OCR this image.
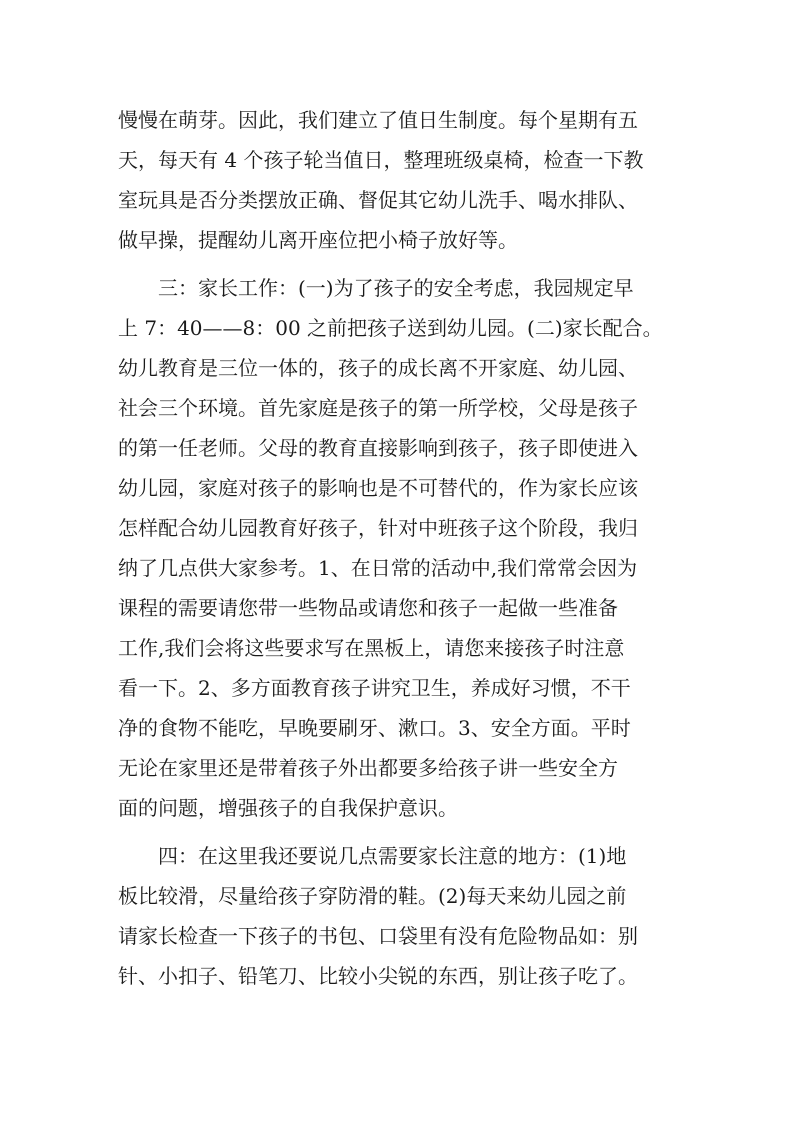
慢慢在萌芽。因此，我们建立了值日生制度。每个星期有五

天，每天有 4 个孩子轮当值日，整理班级桌椅，检查一下教

室玩具是否分类摆放正确、督促其它幼儿洗手、喝水排队、

做早操，提醒幼儿离开座位把小椅子放好等。

三：家长工作：(一)为了孩子的安全考虑，我园规定早

上 7：40——8：00 之前把孩子送到幼儿园。(二)家长配合。

幼儿教育是三位一体的，孩子的成长离不开家庭、幼儿园、

社会三个环境。首先家庭是孩子的第一所学校，父母是孩子

的第一任老师。父母的教育直接影响到孩子，孩子即使进入

幼儿园，家庭对孩子的影响也是不可替代的，作为家长应该

怎样配合幼儿园教育好孩子，针对中班孩子这个阶段，我归

纳了几点供大家参考。1、在日常的活动中,我们常常会因为

课程的需要请您带一些物品或请您和孩子一起做一些准备

工作,我们会将这些要求写在黑板上，请您来接孩子时注意

看一下。2、多方面教育孩子讲究卫生，养成好习惯，不干

净的食物不能吃，早晚要刷牙、漱口。3、安全方面。平时

无论在家里还是带着孩子外出都要多给孩子讲一些安全方

面的问题，增强孩子的自我保护意识。

四：在这里我还要说几点需要家长注意的地方：(1)地

板比较滑，尽量给孩子穿防滑的鞋。(2)每天来幼儿园之前

请家长检查一下孩子的书包、口袋里有没有危险物品如：别

针、小扣子、铅笔刀、比较小尖锐的东西，别让孩子吃了。
